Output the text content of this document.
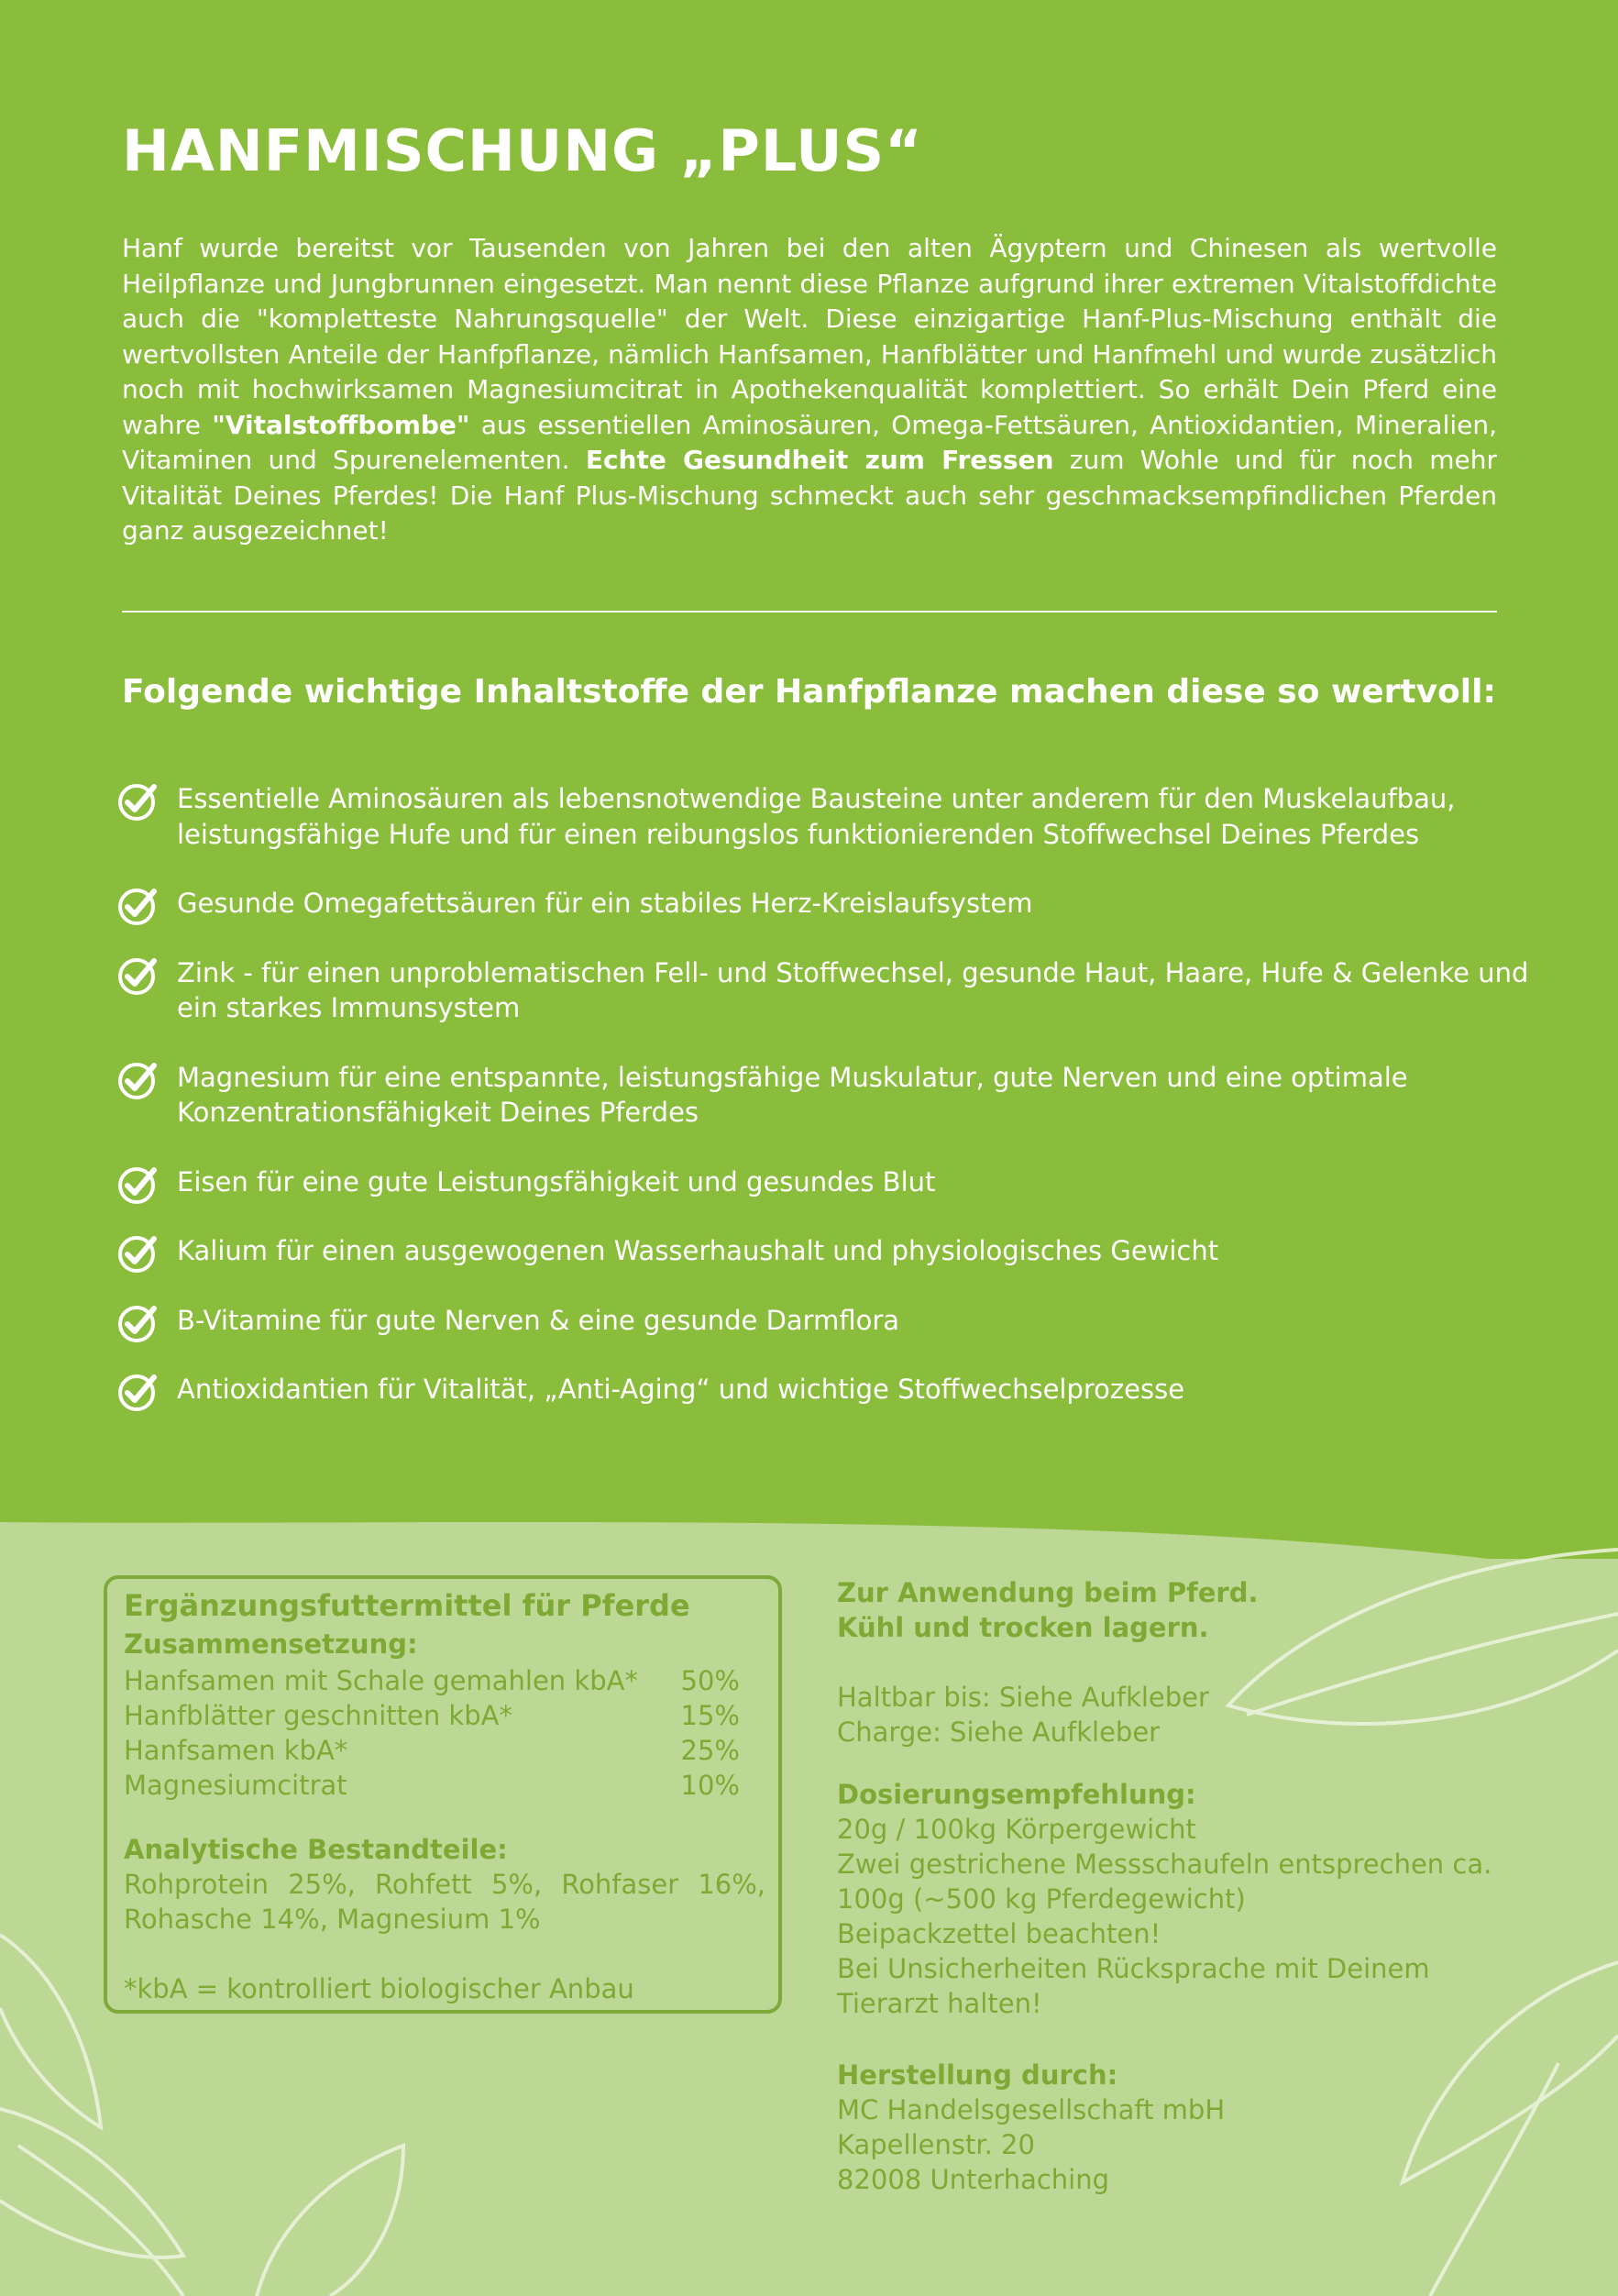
HANFMISCHUNG „PLUS“
Hanf wurde bereitst vor Tausenden von Jahren bei den alten Ägyptern und Chinesen als wertvolle Heilpflanze und Jungbrunnen eingesetzt. Man nennt diese Pflanze aufgrund ihrer extremen Vitalstoffdichte auch die "kompletteste Nahrungsquelle" der Welt. Diese einzigartige Hanf-Plus-Mischung enthält die wertvollsten Anteile der Hanfpflanze, nämlich Hanfsamen, Hanfblätter und Hanfmehl und wurde zusätzlich noch mit hochwirksamen Magnesiumcitrat in Apothekenqualität komplettiert. So erhält Dein Pferd eine wahre "Vitalstoffbombe" aus essentiellen Aminosäuren, Omega-Fettsäuren, Antioxidantien, Mineralien, Vitaminen und Spurenelementen. Echte Gesundheit zum Fressen zum Wohle und für noch mehr Vitalität Deines Pferdes! Die Hanf Plus-Mischung schmeckt auch sehr geschmacksempfindlichen Pferden ganz ausgezeichnet!
Folgende wichtige Inhaltstoffe der Hanfpflanze machen diese so wertvoll:
Essentielle Aminosäuren als lebensnotwendige Bausteine unter anderem für den Muskelaufbau, leistungsfähige Hufe und für einen reibungslos funktionierenden Stoffwechsel Deines Pferdes
Gesunde Omegafettsäuren für ein stabiles Herz-Kreislaufsystem
Zink - für einen unproblematischen Fell- und Stoffwechsel, gesunde Haut, Haare, Hufe & Gelenke und ein starkes Immunsystem
Magnesium für eine entspannte, leistungsfähige Muskulatur, gute Nerven und eine optimale Konzentrationsfähigkeit Deines Pferdes
Eisen für eine gute Leistungsfähigkeit und gesundes Blut
Kalium für einen ausgewogenen Wasserhaushalt und physiologisches Gewicht
B-Vitamine für gute Nerven & eine gesunde Darmflora
Antioxidantien für Vitalität, „Anti-Aging“ und wichtige Stoffwechselprozesse
Ergänzungsfuttermittel für Pferde
Zusammensetzung:
Hanfsamen mit Schale gemahlen kbA*	50%
Hanfblätter geschnitten kbA*	15%
Hanfsamen kbA*	25%
Magnesiumcitrat	10%
Analytische Bestandteile:
Rohprotein 25%, Rohfett 5%, Rohfaser 16%,
Rohasche 14%, Magnesium 1%
*kbA = kontrolliert biologischer Anbau
Zur Anwendung beim Pferd.
Kühl und trocken lagern.
Haltbar bis: Siehe Aufkleber
Charge: Siehe Aufkleber
Dosierungsempfehlung:
20g / 100kg Körpergewicht
Zwei gestrichene Messschaufeln entsprechen ca.
100g (~500 kg Pferdegewicht)
Beipackzettel beachten!
Bei Unsicherheiten Rücksprache mit Deinem
Tierarzt halten!
Herstellung durch:
MC Handelsgesellschaft mbH
Kapellenstr. 20
82008 Unterhaching
